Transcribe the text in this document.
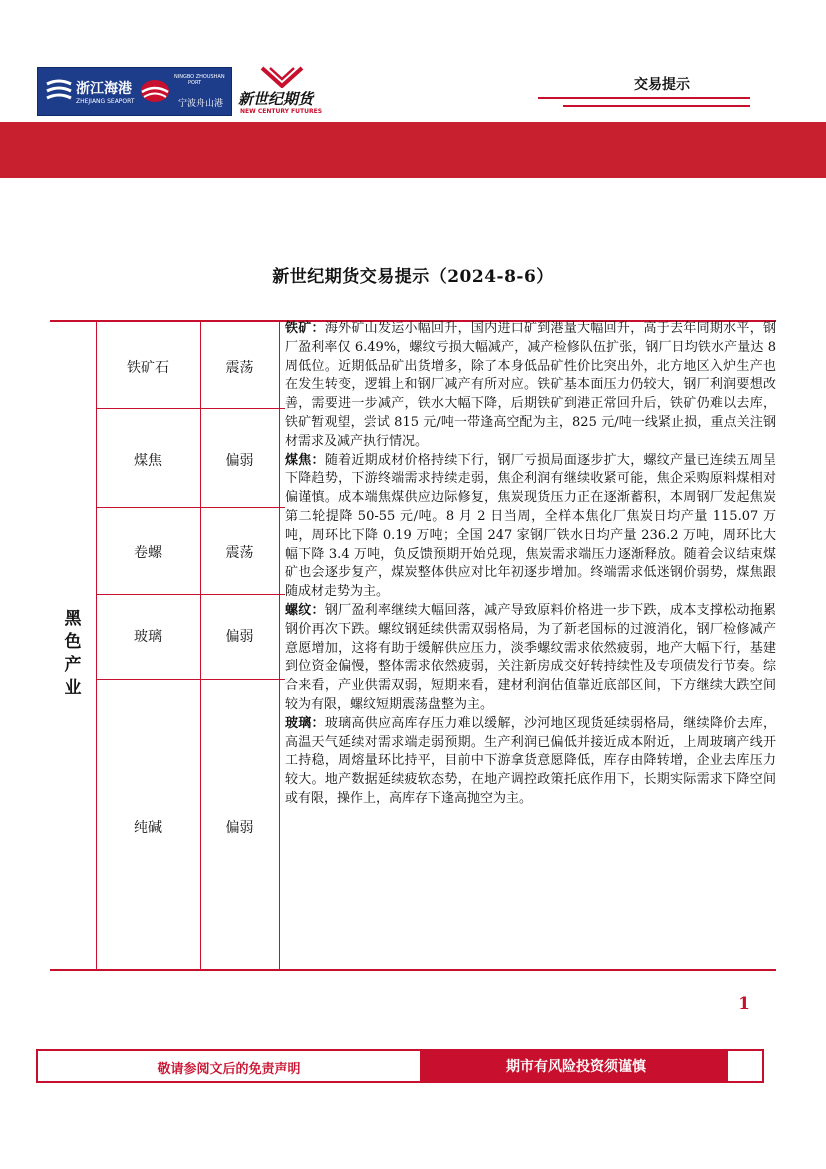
浙江海港
ZHEJIANG SEAPORT
NINGBO ZHOUSHAN
PORT
宁波舟山港 新世纪期货
NEW CENTURY FUTURES
交易提示
新世纪期货交易提示（2024-8-6）
黑
色
产
业
铁矿石	震荡
煤焦	偏弱
卷螺	震荡
玻璃	偏弱
纯碱	偏弱

铁矿：海外矿山发运小幅回升，国内进口矿到港量大幅回升，高于去年同期水平，钢厂盈利率仅 6.49%，螺纹亏损大幅减产，减产检修队伍扩张，钢厂日均铁水产量达 8 周低位。近期低品矿出货增多，除了本身低品矿性价比突出外，北方地区入炉生产也在发生转变，逻辑上和钢厂减产有所对应。铁矿基本面压力仍较大，钢厂利润要想改善，需要进一步减产，铁水大幅下降，后期铁矿到港正常回升后，铁矿仍难以去库，铁矿暂观望，尝试 815 元/吨一带逢高空配为主，825 元/吨一线紧止损，重点关注钢材需求及减产执行情况。

煤焦：随着近期成材价格持续下行，钢厂亏损局面逐步扩大，螺纹产量已连续五周呈下降趋势，下游终端需求持续走弱，焦企利润有继续收紧可能，焦企采购原料煤相对偏谨慎。成本端焦煤供应边际修复，焦炭现货压力正在逐渐蓄积，本周钢厂发起焦炭第二轮提降 50-55 元/吨。8 月 2 日当周，全样本焦化厂焦炭日均产量 115.07 万吨，周环比下降 0.19 万吨；全国 247 家钢厂铁水日均产量 236.2 万吨，周环比大幅下降 3.4 万吨，负反馈预期开始兑现，焦炭需求端压力逐渐释放。随着会议结束煤矿也会逐步复产，煤炭整体供应对比年初逐步增加。终端需求低迷钢价弱势，煤焦跟随成材走势为主。

螺纹：钢厂盈利率继续大幅回落，减产导致原料价格进一步下跌，成本支撑松动拖累钢价再次下跌。螺纹钢延续供需双弱格局，为了新老国标的过渡消化，钢厂检修减产意愿增加，这将有助于缓解供应压力，淡季螺纹需求依然疲弱，地产大幅下行，基建到位资金偏慢，整体需求依然疲弱，关注新房成交好转持续性及专项债发行节奏。综合来看，产业供需双弱，短期来看，建材利润估值靠近底部区间，下方继续大跌空间较为有限，螺纹短期震荡盘整为主。

玻璃：玻璃高供应高库存压力难以缓解，沙河地区现货延续弱格局，继续降价去库，高温天气延续对需求端走弱预期。生产利润已偏低并接近成本附近，上周玻璃产线开工持稳，周熔量环比持平，目前中下游拿货意愿降低，库存由降转增，企业去库压力较大。地产数据延续疲软态势，在地产调控政策托底作用下，长期实际需求下降空间或有限，操作上，高库存下逢高抛空为主。

1
敬请参阅文后的免责声明	期市有风险投资须谨慎
